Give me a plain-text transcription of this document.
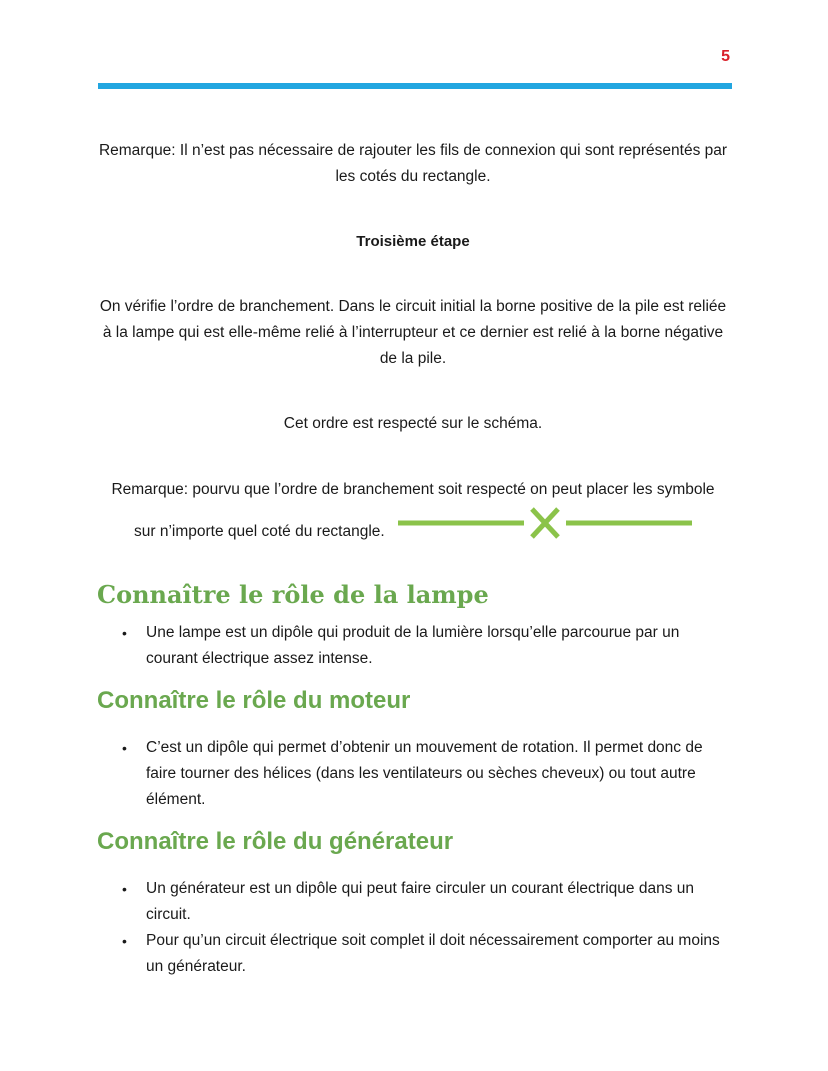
5
Remarque: Il n’est pas nécessaire de rajouter les fils de connexion qui sont représentés par les cotés du rectangle.
Troisième étape
On vérifie l’ordre de branchement. Dans le circuit initial la borne positive de la pile est reliée à la lampe qui est elle-même relié à l’interrupteur et ce dernier est relié à la borne négative de la pile.
Cet ordre est respecté sur le schéma.
Remarque: pourvu que l’ordre de branchement soit respecté on peut placer les symbole
sur n’importe quel coté du rectangle.
Connaître le rôle de la lampe
• Une lampe est un dipôle qui produit de la lumière lorsqu’elle parcourue par un courant électrique assez intense.
Connaître le rôle du moteur
• C’est un dipôle qui permet d’obtenir un mouvement de rotation. Il permet donc de faire tourner des hélices (dans les ventilateurs ou sèches cheveux) ou tout autre élément.
Connaître le rôle du générateur
• Un générateur est un dipôle qui peut faire circuler un courant électrique dans un circuit.
• Pour qu’un circuit électrique soit complet il doit nécessairement comporter au moins un générateur.
